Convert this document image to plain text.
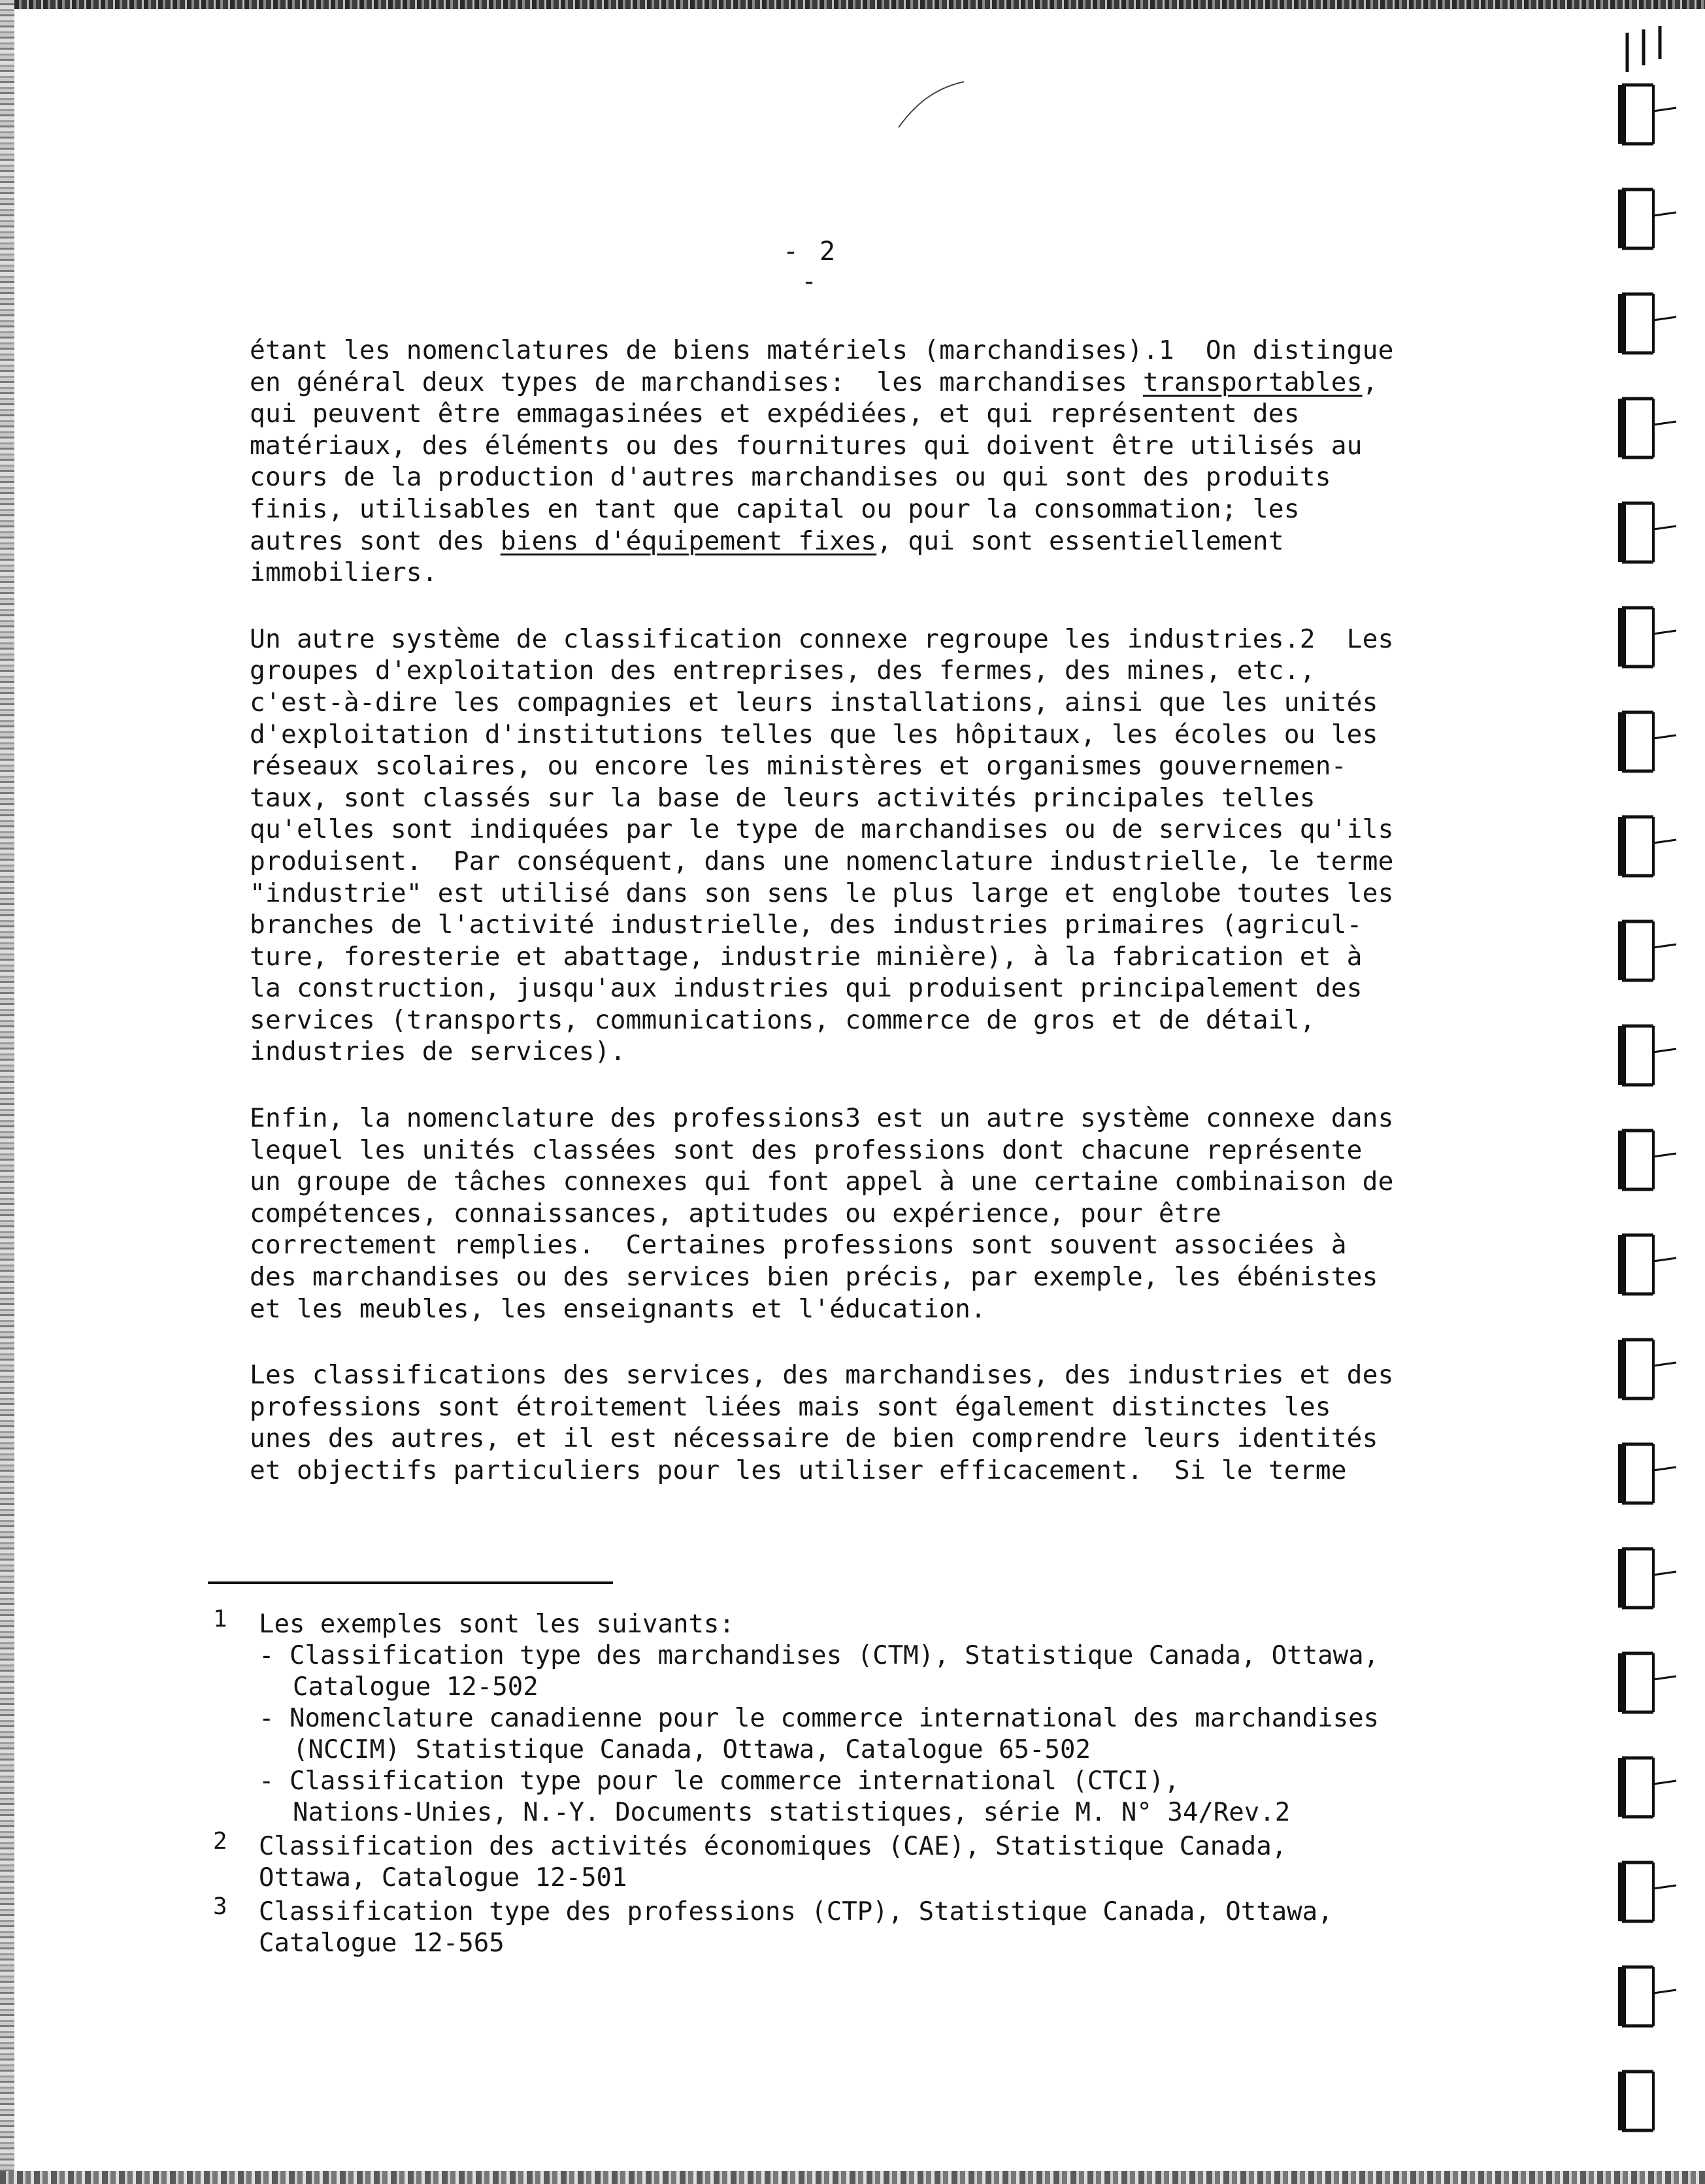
- 2 -

étant les nomenclatures de biens matériels (marchandises).1  On distingue
en général deux types de marchandises:  les marchandises transportables,
qui peuvent être emmagasinées et expédiées, et qui représentent des
matériaux, des éléments ou des fournitures qui doivent être utilisés au
cours de la production d'autres marchandises ou qui sont des produits
finis, utilisables en tant que capital ou pour la consommation; les
autres sont des biens d'équipement fixes, qui sont essentiellement
immobiliers.

Un autre système de classification connexe regroupe les industries.2  Les
groupes d'exploitation des entreprises, des fermes, des mines, etc.,
c'est-à-dire les compagnies et leurs installations, ainsi que les unités
d'exploitation d'institutions telles que les hôpitaux, les écoles ou les
réseaux scolaires, ou encore les ministères et organismes gouvernemen-
taux, sont classés sur la base de leurs activités principales telles
qu'elles sont indiquées par le type de marchandises ou de services qu'ils
produisent.  Par conséquent, dans une nomenclature industrielle, le terme
"industrie" est utilisé dans son sens le plus large et englobe toutes les
branches de l'activité industrielle, des industries primaires (agricul-
ture, foresterie et abattage, industrie minière), à la fabrication et à
la construction, jusqu'aux industries qui produisent principalement des
services (transports, communications, commerce de gros et de détail,
industries de services).

Enfin, la nomenclature des professions3 est un autre système connexe dans
lequel les unités classées sont des professions dont chacune représente
un groupe de tâches connexes qui font appel à une certaine combinaison de
compétences, connaissances, aptitudes ou expérience, pour être
correctement remplies.  Certaines professions sont souvent associées à
des marchandises ou des services bien précis, par exemple, les ébénistes
et les meubles, les enseignants et l'éducation.

Les classifications des services, des marchandises, des industries et des
professions sont étroitement liées mais sont également distinctes les
unes des autres, et il est nécessaire de bien comprendre leurs identités
et objectifs particuliers pour les utiliser efficacement.  Si le terme

1 Les exemples sont les suivants:
- Classification type des marchandises (CTM), Statistique Canada, Ottawa,
Catalogue 12-502
- Nomenclature canadienne pour le commerce international des marchandises
(NCCIM) Statistique Canada, Ottawa, Catalogue 65-502
- Classification type pour le commerce international (CTCI),
Nations-Unies, N.-Y. Documents statistiques, série M. N° 34/Rev.2
2 Classification des activités économiques (CAE), Statistique Canada,
Ottawa, Catalogue 12-501
3 Classification type des professions (CTP), Statistique Canada, Ottawa,
Catalogue 12-565
